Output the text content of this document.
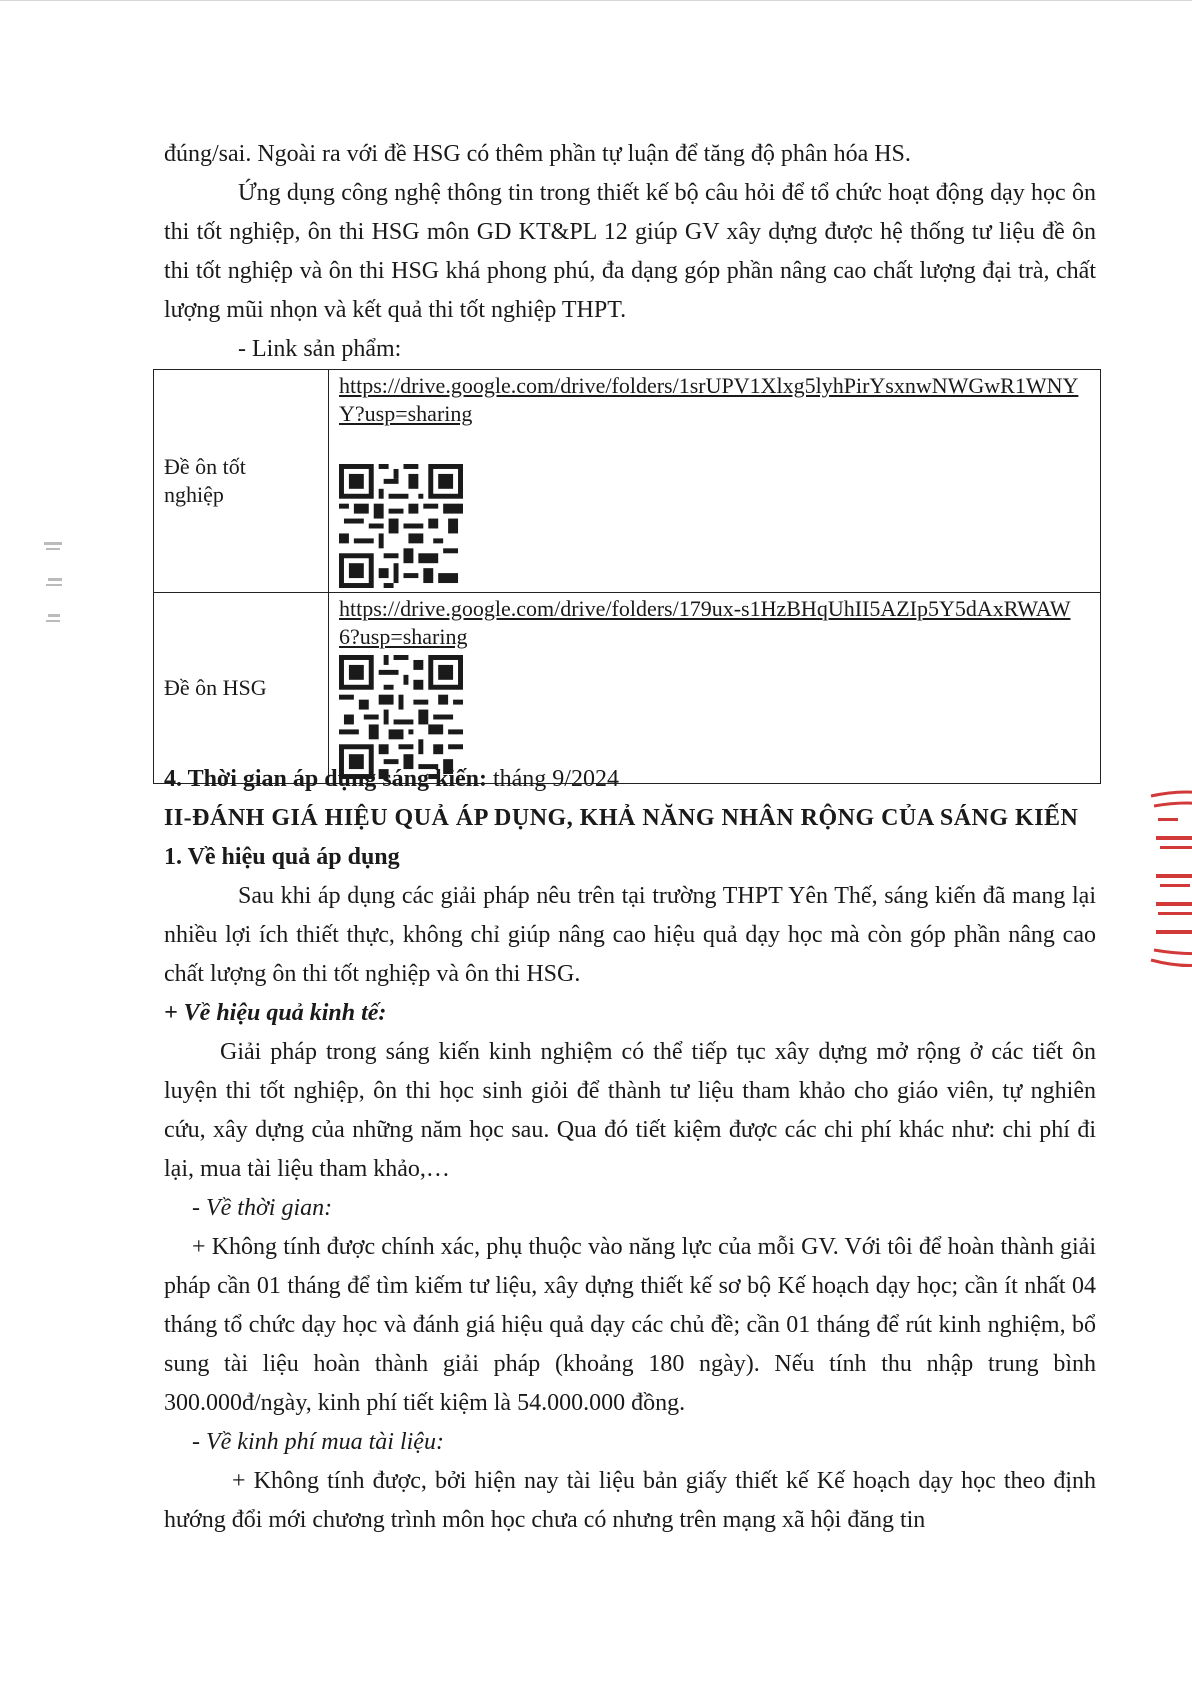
đúng/sai. Ngoài ra với đề HSG có thêm phần tự luận để tăng độ phân hóa HS.

Ứng dụng công nghệ thông tin trong thiết kế bộ câu hỏi để tổ chức hoạt động dạy học ôn thi tốt nghiệp, ôn thi HSG môn GD KT&PL 12 giúp GV xây dựng được hệ thống tư liệu đề ôn thi tốt nghiệp và ôn thi HSG khá phong phú, đa dạng góp phần nâng cao chất lượng đại trà, chất lượng mũi nhọn và kết quả thi tốt nghiệp THPT.

- Link sản phẩm:

Đề ôn tốt nghiệp	https://drive.google.com/drive/folders/1srUPV1Xlxg5lyhPirYsxnwNWGwR1WNYY?usp=sharing

Đề ôn HSG	https://drive.google.com/drive/folders/179ux-s1HzBHqUhII5AZIp5Y5dAxRWAW6?usp=sharing

4. Thời gian áp dụng sáng kiến: tháng 9/2024

II-ĐÁNH GIÁ HIỆU QUẢ ÁP DỤNG, KHẢ NĂNG NHÂN RỘNG CỦA SÁNG KIẾN

1. Về hiệu quả áp dụng

Sau khi áp dụng các giải pháp nêu trên tại trường THPT Yên Thế, sáng kiến đã mang lại nhiều lợi ích thiết thực, không chỉ giúp nâng cao hiệu quả dạy học mà còn góp phần nâng cao chất lượng ôn thi tốt nghiệp và ôn thi HSG.

+ Về hiệu quả kinh tế:

Giải pháp trong sáng kiến kinh nghiệm có thể tiếp tục xây dựng mở rộng ở các tiết ôn luyện thi tốt nghiệp, ôn thi học sinh giỏi để thành tư liệu tham khảo cho giáo viên, tự nghiên cứu, xây dựng của những năm học sau. Qua đó tiết kiệm được các chi phí khác như: chi phí đi lại, mua tài liệu tham khảo,…

- Về thời gian:

+ Không tính được chính xác, phụ thuộc vào năng lực của mỗi GV. Với tôi để hoàn thành giải pháp cần 01 tháng để tìm kiếm tư liệu, xây dựng thiết kế sơ bộ Kế hoạch dạy học; cần ít nhất 04 tháng tổ chức dạy học và đánh giá hiệu quả dạy các chủ đề; cần 01 tháng để rút kinh nghiệm, bổ sung tài liệu hoàn thành giải pháp (khoảng 180 ngày). Nếu tính thu nhập trung bình 300.000đ/ngày, kinh phí tiết kiệm là 54.000.000 đồng.

- Về kinh phí mua tài liệu:

+ Không tính được, bởi hiện nay tài liệu bản giấy thiết kế Kế hoạch dạy học theo định hướng đổi mới chương trình môn học chưa có nhưng trên mạng xã hội đăng tin
